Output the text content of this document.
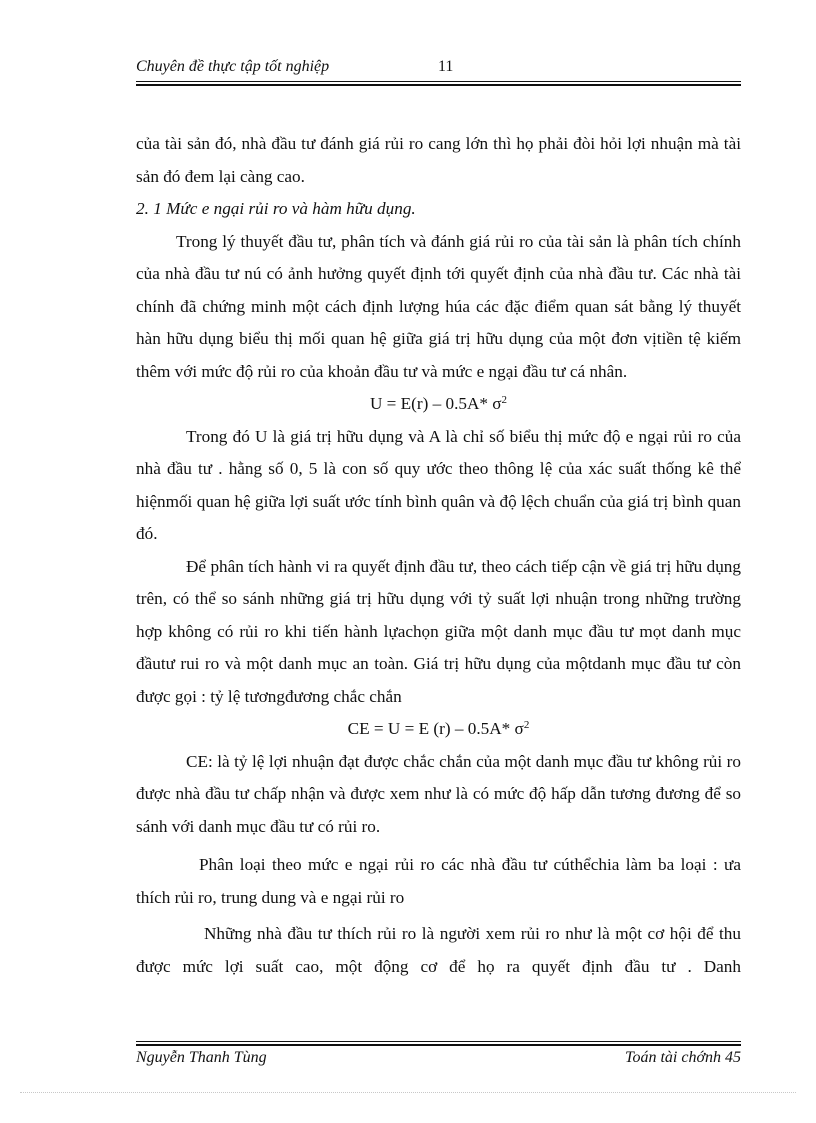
Chuyên đề thực tập tốt nghiệp	11

của tài sản đó, nhà đầu tư đánh giá rủi ro cang lớn thì họ phải đòi hỏi lợi nhuận mà tài sản đó đem lại càng cao.

2. 1 Mức e ngại rủi ro và hàm hữu dụng.

Trong lý thuyết đầu tư, phân tích và đánh giá rủi ro của tài sản là phân tích chính của nhà đầu tư nú có ảnh hưởng quyết định tới quyết định của nhà đầu tư. Các nhà tài chính đã chứng minh một cách định lượng húa các đặc điểm quan sát bằng lý thuyết hàn hữu dụng biểu thị mối quan hệ giữa giá trị hữu dụng của một đơn vịtiền tệ kiếm thêm với mức độ rủi ro của khoản đầu tư và mức e ngại đầu tư cá nhân.

U = E(r) – 0.5A* $\sigma^2$

Trong đó U là giá trị hữu dụng và A là chỉ số biểu thị mức độ e ngại rủi ro của nhà đầu tư . hằng số 0, 5 là con số quy ước theo thông lệ của xác suất thống kê thể hiệnmối quan hệ giữa lợi suất ước tính bình quân và độ lệch chuẩn của giá trị bình quan đó.

Để phân tích hành vi ra quyết định đầu tư, theo cách tiếp cận về giá trị hữu dụng trên, có thể so sánh những giá trị hữu dụng với tỷ suất lợi nhuận trong những trường hợp không có rủi ro khi tiến hành lựachọn giữa một danh mục đầu tư mọt danh mục đầutư rui ro và một danh mục an toàn. Giá trị hữu dụng của mộtdanh mục đầu tư còn được gọi : tỷ lệ tươngđương chắc chắn

CE = U = E (r) – 0.5A* $\sigma^2$

CE: là tỷ lệ lợi nhuận đạt được chắc chắn của một danh mục đầu tư không rủi ro được nhà đầu tư chấp nhận và được xem như là có mức độ hấp dẫn tương đương để so sánh với danh mục đầu tư có rủi ro.

Phân loại theo mức e ngại rủi ro các nhà đầu tư cúthểchia làm ba loại : ưa thích rủi ro, trung dung và e ngại rủi ro

Những nhà đầu tư thích rủi ro là người xem rủi ro như là một cơ hội để thu được mức lợi suất cao, một động cơ để họ ra quyết định đầu tư . Danh

Nguyễn Thanh Tùng	Toán tài chớnh 45
